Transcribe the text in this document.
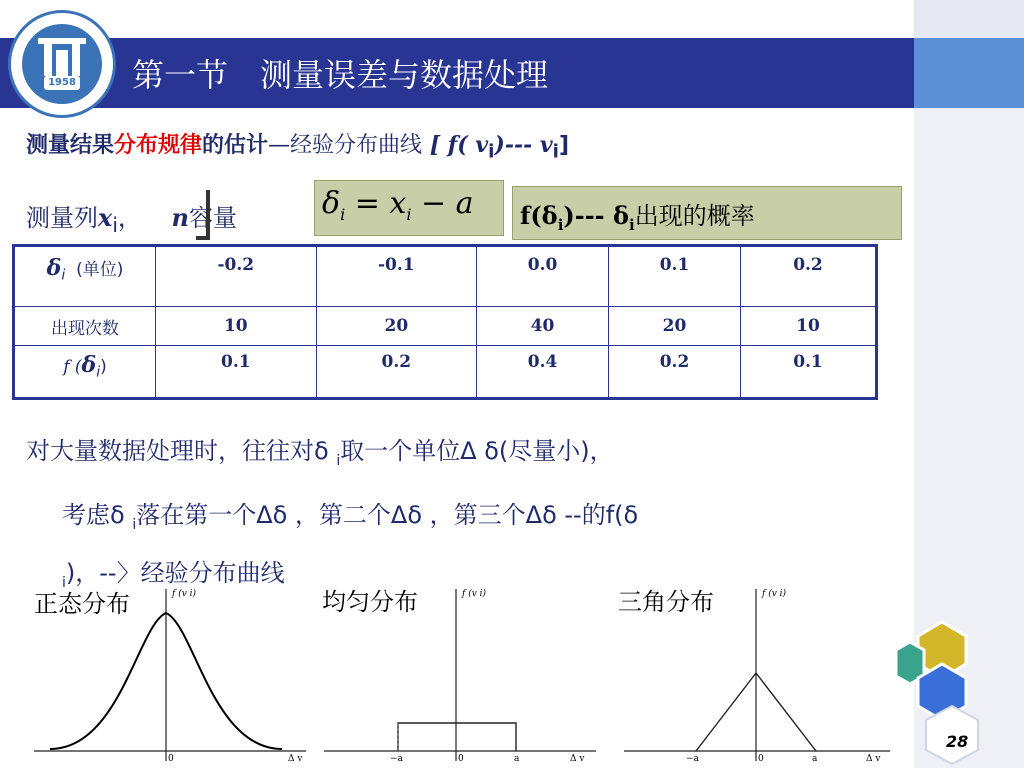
1958 第一节　测量误差与数据处理
测量结果分布规律的估计—经验分布曲线 [ f( $v_i)---$ $v_i$]
测量列$x_i$， n容量	$\delta_i = x_i - a$ $f(\delta_i)---$ $\delta_i$出现的概率
$\delta_i$ (单位)	-0.2	-0.1	0.0	0.1	0.2
出现次数	10	20	40	20	10
f $(\delta_i)$	0.1	0.2	0.4	0.2	0.1
对大量数据处理时，往往对δ $_i$取一个单位Δ δ(尽量小)，
考虑δ $_i$落在第一个Δδ ，第二个Δδ ，第三个Δδ --的f(δ
$_i$)，--〉经验分布曲线
正态分布	均匀分布	三角分布
f (v i)
0	Δ v
f (v i)
0
−a	a	Δ v
f (v i)
0
−a	a	Δ v
28
